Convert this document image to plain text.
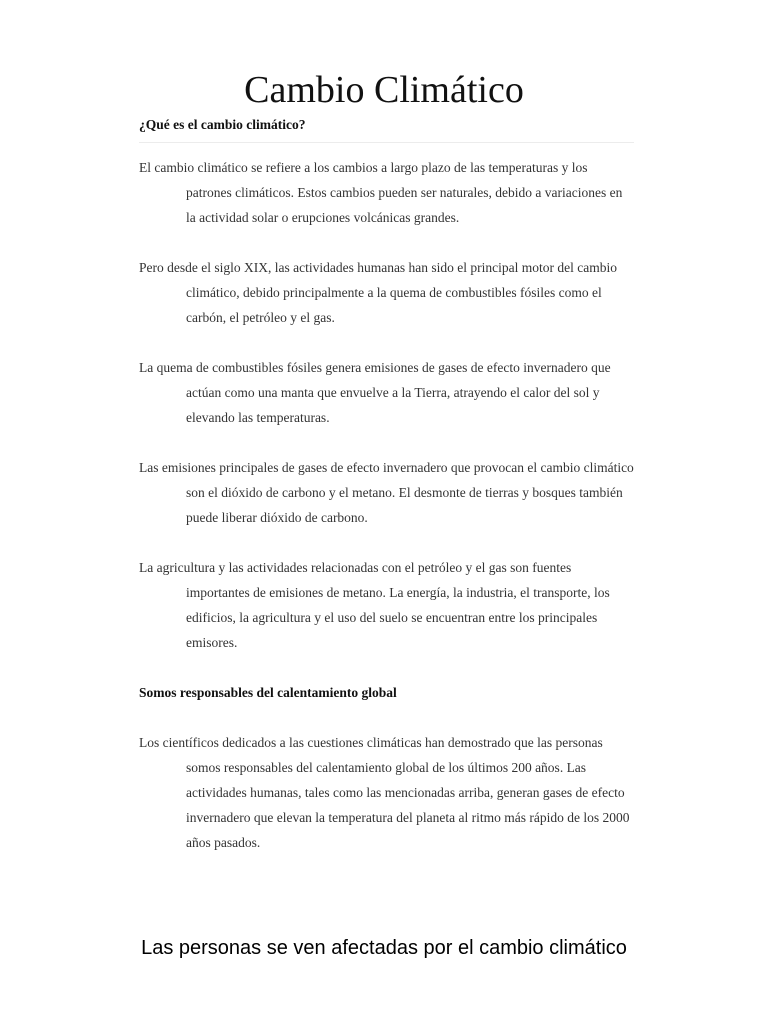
Cambio Climático
¿Qué es el cambio climático?

El cambio climático se refiere a los cambios a largo plazo de las temperaturas y los patrones climáticos. Estos cambios pueden ser naturales, debido a variaciones en la actividad solar o erupciones volcánicas grandes.

Pero desde el siglo XIX, las actividades humanas han sido el principal motor del cambio climático, debido principalmente a la quema de combustibles fósiles como el carbón, el petróleo y el gas.

La quema de combustibles fósiles genera emisiones de gases de efecto invernadero que actúan como una manta que envuelve a la Tierra, atrayendo el calor del sol y elevando las temperaturas.

Las emisiones principales de gases de efecto invernadero que provocan el cambio climático son el dióxido de carbono y el metano. El desmonte de tierras y bosques también puede liberar dióxido de carbono.

La agricultura y las actividades relacionadas con el petróleo y el gas son fuentes importantes de emisiones de metano. La energía, la industria, el transporte, los edificios, la agricultura y el uso del suelo se encuentran entre los principales emisores.

Somos responsables del calentamiento global

Los científicos dedicados a las cuestiones climáticas han demostrado que las personas somos responsables del calentamiento global de los últimos 200 años. Las actividades humanas, tales como las mencionadas arriba, generan gases de efecto invernadero que elevan la temperatura del planeta al ritmo más rápido de los 2000 años pasados.

Las personas se ven afectadas por el cambio climático
